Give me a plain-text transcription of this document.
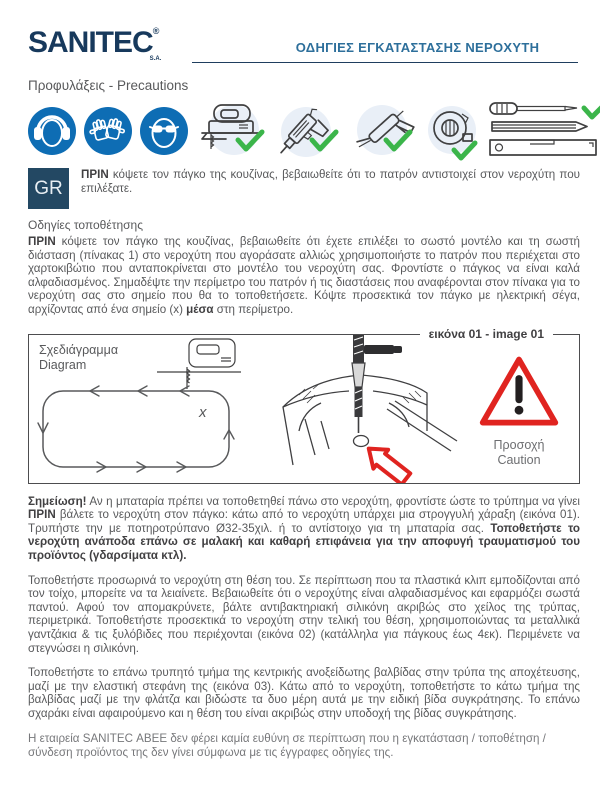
SANITEC®
S.A.
ΟΔΗΓΙΕΣ ΕΓΚΑΤΑΣΤΑΣΗΣ ΝΕΡΟΧΥΤΗ
Προφυλάξεις - Precautions
GR

ΠΡΙΝ κόψετε τον πάγκο της κουζίνας, βεβαιωθείτε ότι το πατρόν αντιστοιχεί στον νεροχύτη που επιλέξατε.

Οδηγίες τοποθέτησης

ΠΡΙΝ κόψετε τον πάγκο της κουζίνας, βεβαιωθείτε ότι έχετε επιλέξει το σωστό μοντέλο και τη σωστή διάσταση (πίνακας 1) στο νεροχύτη που αγοράσατε αλλιώς χρησιμοποιήστε το πατρόν που περιέχεται στο χαρτοκιβώτιο που ανταποκρίνεται στο μοντέλο του νεροχύτη σας. Φροντίστε ο πάγκος να είναι καλά αλφαδιασμένος. Σημαδέψτε την περίμετρο του πατρόν ή τις διαστάσεις που αναφέρονται στον πίνακα για το νεροχύτη σας στο σημείο που θα το τοποθετήσετε. Κόψτε προσεκτικά τον πάγκο με ηλεκτρική σέγα, αρχίζοντας από ένα σημείο (x) μέσα στη περίμετρο.

εικόνα 01 - image 01
Σχεδιάγραμμα
Diagram
x
Προσοχή
Caution

Σημείωση! Αν η μπαταρία πρέπει να τοποθετηθεί πάνω στο νεροχύτη, φροντίστε ώστε το τρύπημα να γίνει ΠΡΙΝ βάλετε το νεροχύτη στον πάγκο: κάτω από το νεροχύτη υπάρχει μια στρογγυλή χάραξη (εικόνα 01). Τρυπήστε την με ποτηροτρύπανο Ø32-35χιλ. ή το αντίστοιχο για τη μπαταρία σας. Τοποθετήστε το νεροχύτη ανάποδα επάνω σε μαλακή και καθαρή επιφάνεια για την αποφυγή τραυματισμού του προϊόντος (γδαρσίματα κτλ).

Τοποθετήστε προσωρινά το νεροχύτη στη θέση του. Σε περίπτωση που τα πλαστικά κλιπ εμποδίζονται από τον τοίχο, μπορείτε να τα λειαίνετε. Βεβαιωθείτε ότι ο νεροχύτης είναι αλφαδιασμένος και εφαρμόζει σωστά παντού. Αφού τον απομακρύνετε, βάλτε αντιβακτηριακή σιλικόνη ακριβώς στο χείλος της τρύπας, περιμετρικά. Τοποθετήστε προσεκτικά το νεροχύτη στην τελική του θέση, χρησιμοποιώντας τα μεταλλικά γαντζάκια & τις ξυλόβιδες που περιέχονται (εικόνα 02) (κατάλληλα για πάγκους έως 4εκ). Περιμένετε να στεγνώσει η σιλικόνη.

Τοποθετήστε το επάνω τρυπητό τμήμα της κεντρικής ανοξείδωτης βαλβίδας στην τρύπα της αποχέτευσης, μαζί με την ελαστική στεφάνη της (εικόνα 03). Κάτω από το νεροχύτη, τοποθετήστε το κάτω τμήμα της βαλβίδας μαζί με την φλάτζα και βιδώστε τα δυο μέρη αυτά με την ειδική βίδα συγκράτησης. Το επάνω σχαράκι είναι αφαιρούμενο και η θέση του είναι ακριβώς στην υποδοχή της βίδας συγκράτησης.

Η εταιρεία SANITEC ΑΒΕΕ δεν φέρει καμία ευθύνη σε περίπτωση που η εγκατάσταση / τοποθέτηση / σύνδεση προϊόντος της δεν γίνει σύμφωνα με τις έγγραφες οδηγίες της.
